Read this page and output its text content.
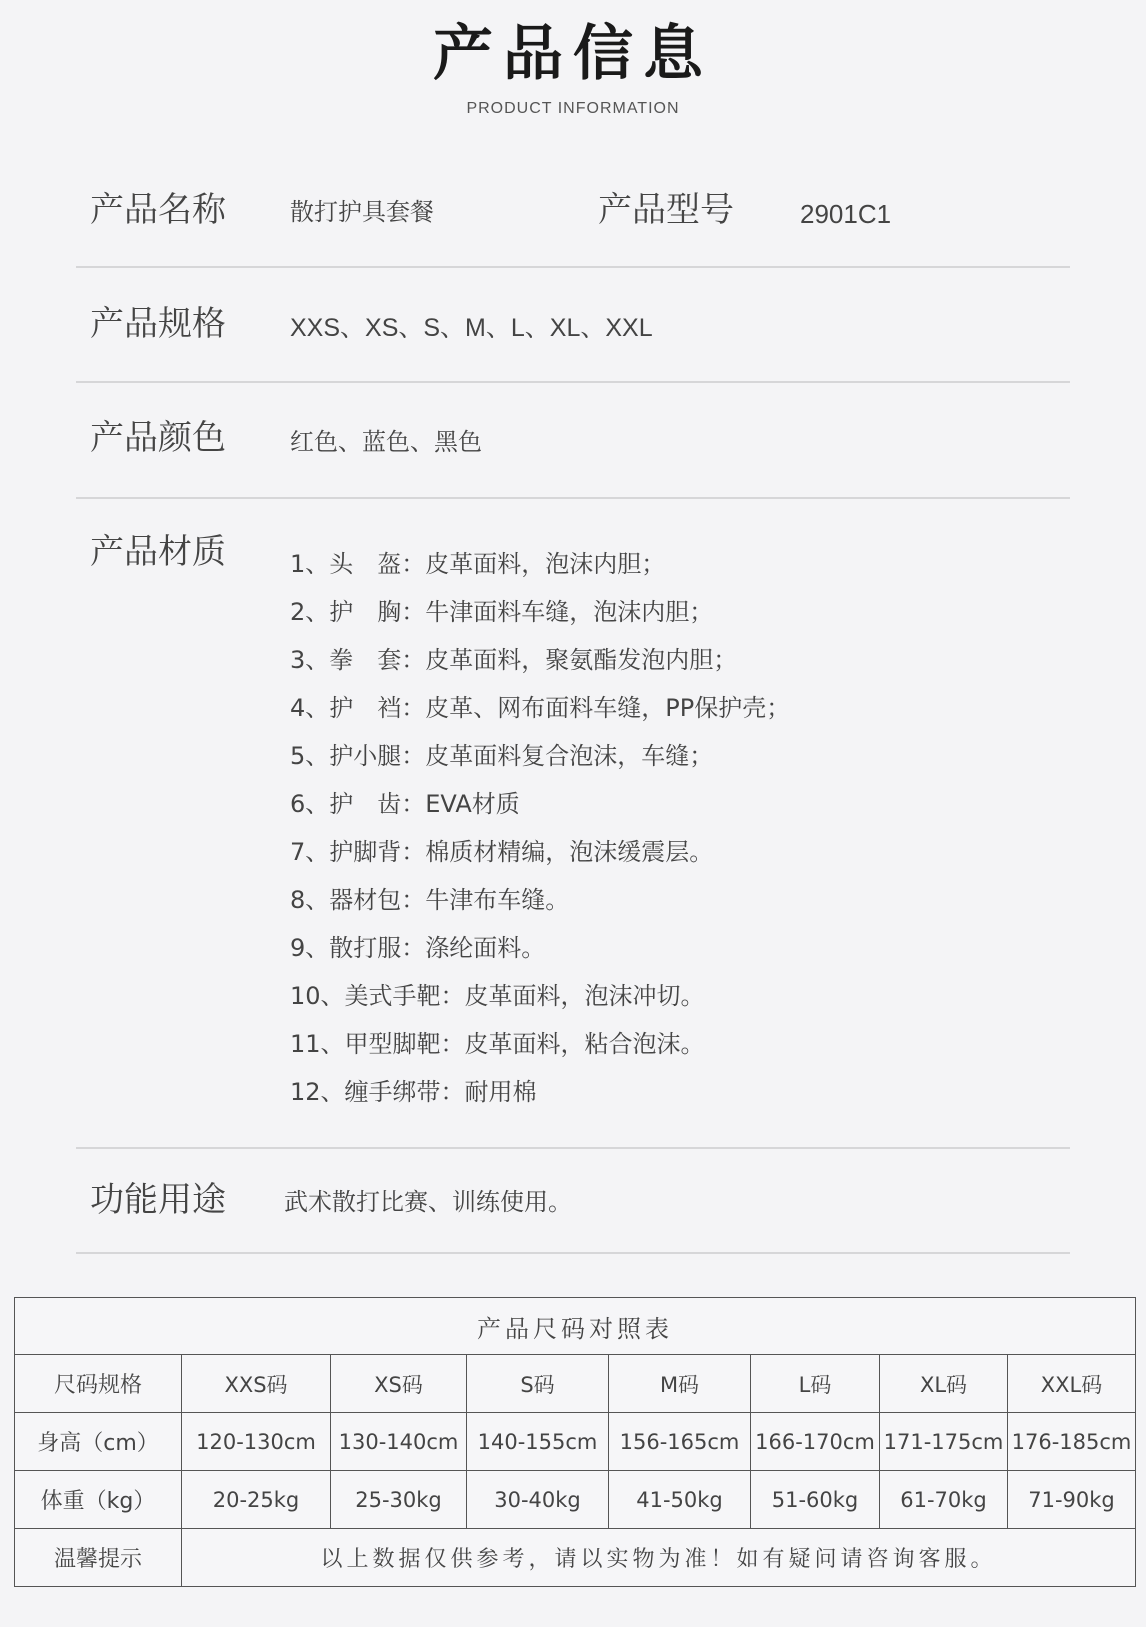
产品信息
PRODUCT INFORMATION
产品名称	散打护具套餐	产品型号	2901C1
产品规格	XXS、XS、S、M、L、XL、XXL
产品颜色	红色、蓝色、黑色
产品材质	1、头　盔：皮革面料，泡沫内胆；
2、护　胸：牛津面料车缝，泡沫内胆；
3、拳　套：皮革面料，聚氨酯发泡内胆；
4、护　裆：皮革、网布面料车缝，PP保护壳；
5、护小腿：皮革面料复合泡沫，车缝；
6、护　齿：EVA材质
7、护脚背：棉质材精编，泡沫缓震层。
8、器材包：牛津布车缝。
9、散打服：涤纶面料。
10、美式手靶：皮革面料，泡沫冲切。
11、甲型脚靶：皮革面料，粘合泡沫。
12、缠手绑带：耐用棉
功能用途 武术散打比赛、训练使用。
产品尺码对照表							
尺码规格	XXS码	XS码	S码	M码	L码	XL码	XXL码
身高（cm）	120-130cm	130-140cm	140-155cm	156-165cm	166-170cm	171-175cm	176-185cm
体重（kg）	20-25kg	25-30kg	30-40kg	41-50kg	51-60kg	61-70kg	71-90kg
温馨提示	以上数据仅供参考，请以实物为准！如有疑问请咨询客服。						
